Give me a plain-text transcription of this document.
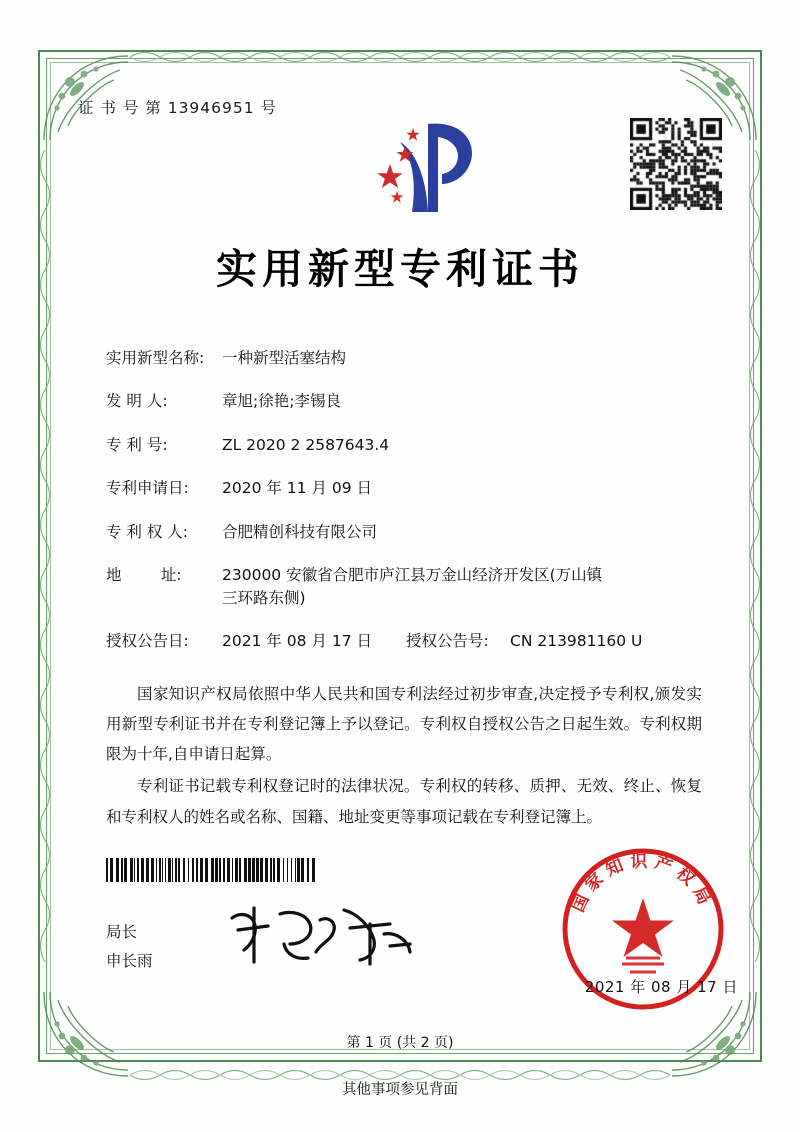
证 书 号 第 13946951 号
实用新型专利证书
实用新型名称:	一种新型活塞结构
发 明 人:	章旭;徐艳;李锡良
专 利 号:	ZL 2020 2 2587643.4
专利申请日:	2020 年 11 月 09 日
专 利 权 人:	合肥精创科技有限公司
地        址:	230000 安徽省合肥市庐江县万金山经济开发区(万山镇
三环路东侧)
授权公告日:	2021 年 08 月 17 日	授权公告号:	CN 213981160 U

国家知识产权局依照中华人民共和国专利法经过初步审查,决定授予专利权,颁发实用新型专利证书并在专利登记簿上予以登记。专利权自授权公告之日起生效。专利权期限为十年,自申请日起算。

专利证书记载专利权登记时的法律状况。专利权的转移、质押、无效、终止、恢复和专利权人的姓名或名称、国籍、地址变更等事项记载在专利登记簿上。

局长
申长雨
国家知识产权局
2021 年 08 月 17 日
第 1 页 (共 2 页)
其他事项参见背面
